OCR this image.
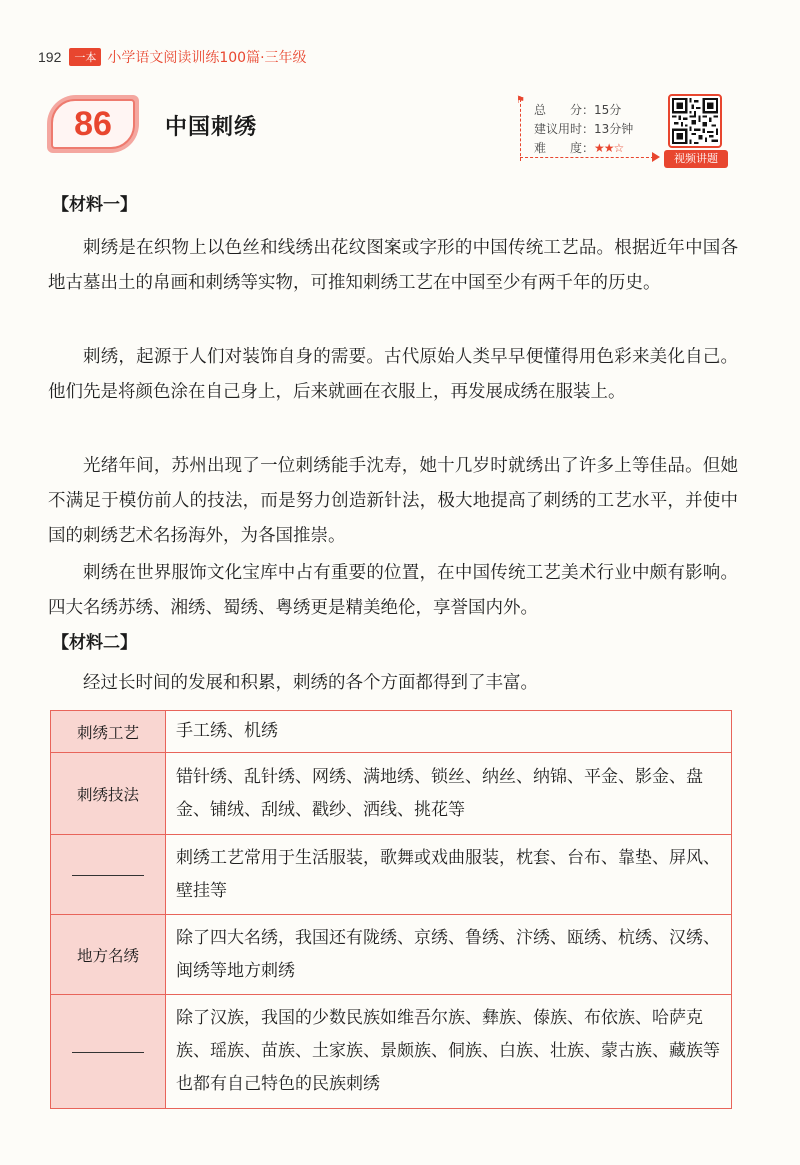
192	一本 小学语文阅读训练100篇·三年级
86	中国刺绣
⚑
总　　分：15分
建议用时：13分钟
难　　度：★★☆
视频讲题
【材料一】

刺绣是在织物上以色丝和线绣出花纹图案或字形的中国传统工艺品。根据近年中国各地古墓出土的帛画和刺绣等实物，可推知刺绣工艺在中国至少有两千年的历史。

刺绣，起源于人们对装饰自身的需要。古代原始人类早早便懂得用色彩来美化自己。他们先是将颜色涂在自己身上，后来就画在衣服上，再发展成绣在服装上。

光绪年间，苏州出现了一位刺绣能手沈寿，她十几岁时就绣出了许多上等佳品。但她不满足于模仿前人的技法，而是努力创造新针法，极大地提高了刺绣的工艺水平，并使中国的刺绣艺术名扬海外，为各国推崇。

刺绣在世界服饰文化宝库中占有重要的位置，在中国传统工艺美术行业中颇有影响。四大名绣苏绣、湘绣、蜀绣、粤绣更是精美绝伦，享誉国内外。

【材料二】

经过长时间的发展和积累，刺绣的各个方面都得到了丰富。

刺绣工艺	手工绣、机绣
刺绣技法	错针绣、乱针绣、网绣、满地绣、锁丝、纳丝、纳锦、平金、影金、盘金、铺绒、刮绒、戳纱、洒线、挑花等
	刺绣工艺常用于生活服装，歌舞或戏曲服装，枕套、台布、靠垫、屏风、壁挂等
地方名绣	除了四大名绣，我国还有陇绣、京绣、鲁绣、汴绣、瓯绣、杭绣、汉绣、闽绣等地方刺绣
	除了汉族，我国的少数民族如维吾尔族、彝族、傣族、布依族、哈萨克族、瑶族、苗族、土家族、景颇族、侗族、白族、壮族、蒙古族、藏族等也都有自己特色的民族刺绣
